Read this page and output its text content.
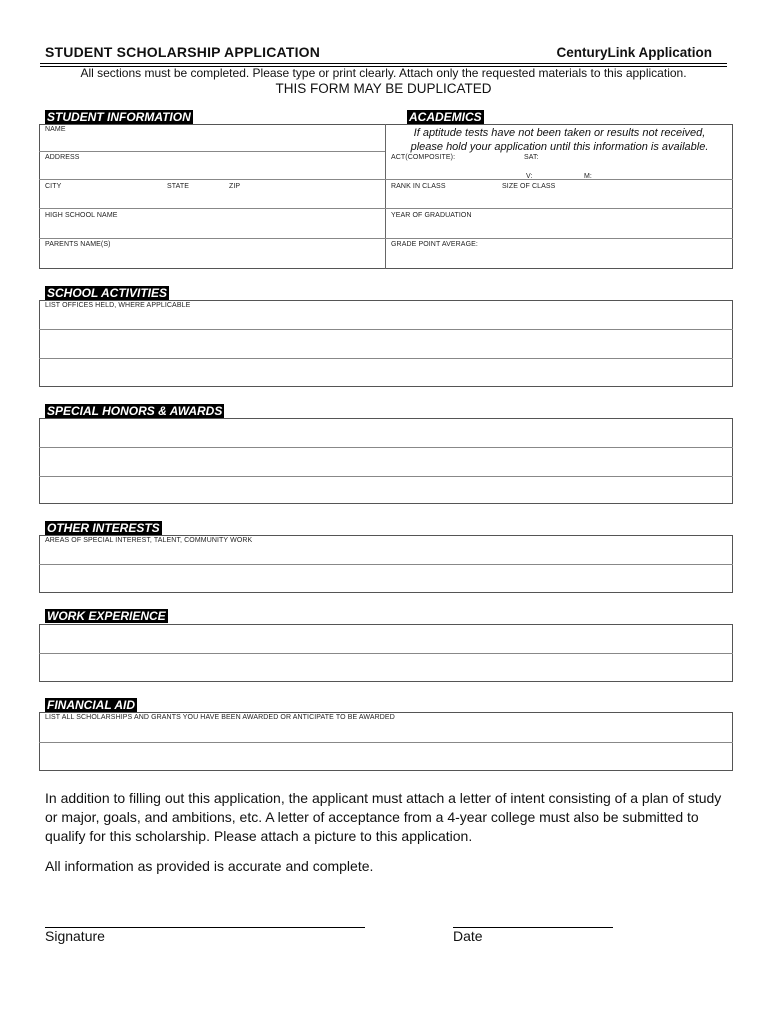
STUDENT SCHOLARSHIP APPLICATION	CenturyLink Application
All sections must be completed. Please type or print clearly. Attach only the requested materials to this application.
THIS FORM MAY BE DUPLICATED
STUDENT INFORMATION	ACADEMICS
NAME
ADDRESS
CITY	STATE	ZIP
HIGH SCHOOL NAME
PARENTS NAME(S)
If aptitude tests have not been taken or results not received,
please hold your application until this information is available.
ACT(COMPOSITE):	SAT:
V:	M:
RANK IN CLASS	SIZE OF CLASS
YEAR OF GRADUATION
GRADE POINT AVERAGE:
SCHOOL ACTIVITIES
LIST OFFICES HELD, WHERE APPLICABLE
SPECIAL HONORS & AWARDS
OTHER INTERESTS
AREAS OF SPECIAL INTEREST, TALENT, COMMUNITY WORK
WORK EXPERIENCE
FINANCIAL AID
LIST ALL SCHOLARSHIPS AND GRANTS YOU HAVE BEEN AWARDED OR ANTICIPATE TO BE AWARDED
In addition to filling out this application, the applicant must attach a letter of intent consisting of a plan of study or major, goals, and ambitions, etc. A letter of acceptance from a 4-year college must also be submitted to qualify for this scholarship. Please attach a picture to this application.
All information as provided is accurate and complete.
Signature	Date
